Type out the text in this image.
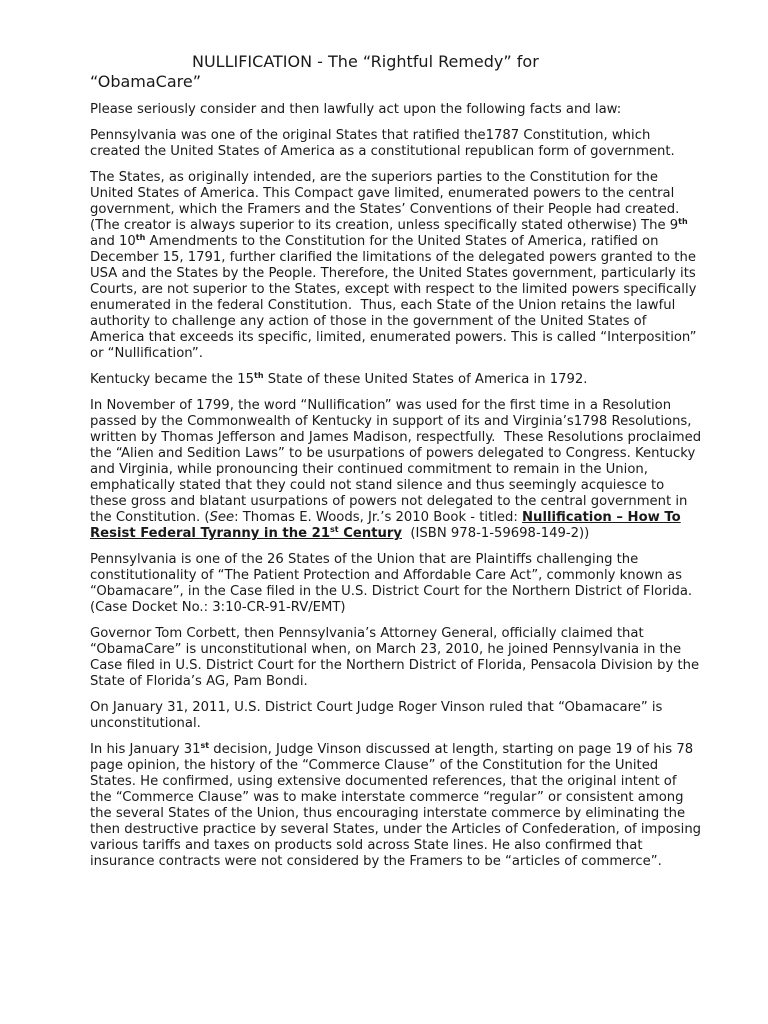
NULLIFICATION - The “Rightful Remedy” for
“ObamaCare”

Please seriously consider and then lawfully act upon the following facts and law:

Pennsylvania was one of the original States that ratified the1787 Constitution, which created the United States of America as a constitutional republican form of government.

The States, as originally intended, are the superiors parties to the Constitution for the United States of America. This Compact gave limited, enumerated powers to the central government, which the Framers and the States’ Conventions of their People had created. (The creator is always superior to its creation, unless specifically stated otherwise) The 9th and 10th Amendments to the Constitution for the United States of America, ratified on December 15, 1791, further clarified the limitations of the delegated powers granted to the USA and the States by the People. Therefore, the United States government, particularly its Courts, are not superior to the States, except with respect to the limited powers specifically enumerated in the federal Constitution.  Thus, each State of the Union retains the lawful authority to challenge any action of those in the government of the United States of America that exceeds its specific, limited, enumerated powers. This is called “Interposition” or “Nullification”.

Kentucky became the 15th State of these United States of America in 1792.

In November of 1799, the word “Nullification” was used for the first time in a Resolution passed by the Commonwealth of Kentucky in support of its and Virginia’s1798 Resolutions, written by Thomas Jefferson and James Madison, respectfully.  These Resolutions proclaimed the “Alien and Sedition Laws” to be usurpations of powers delegated to Congress. Kentucky and Virginia, while pronouncing their continued commitment to remain in the Union, emphatically stated that they could not stand silence and thus seemingly acquiesce to these gross and blatant usurpations of powers not delegated to the central government in the Constitution. (See: Thomas E. Woods, Jr.’s 2010 Book - titled: Nullification – How To Resist Federal Tyranny in the 21st Century  (ISBN 978-1-59698-149-2))

Pennsylvania is one of the 26 States of the Union that are Plaintiffs challenging the constitutionality of “The Patient Protection and Affordable Care Act”, commonly known as “Obamacare”, in the Case filed in the U.S. District Court for the Northern District of Florida. (Case Docket No.: 3:10-CR-91-RV/EMT)

Governor Tom Corbett, then Pennsylvania’s Attorney General, officially claimed that “ObamaCare” is unconstitutional when, on March 23, 2010, he joined Pennsylvania in the Case filed in U.S. District Court for the Northern District of Florida, Pensacola Division by the State of Florida’s AG, Pam Bondi.

On January 31, 2011, U.S. District Court Judge Roger Vinson ruled that “Obamacare” is unconstitutional.

In his January 31st decision, Judge Vinson discussed at length, starting on page 19 of his 78 page opinion, the history of the “Commerce Clause” of the Constitution for the United States. He confirmed, using extensive documented references, that the original intent of the “Commerce Clause” was to make interstate commerce “regular” or consistent among the several States of the Union, thus encouraging interstate commerce by eliminating the then destructive practice by several States, under the Articles of Confederation, of imposing various tariffs and taxes on products sold across State lines. He also confirmed that insurance contracts were not considered by the Framers to be “articles of commerce”.
